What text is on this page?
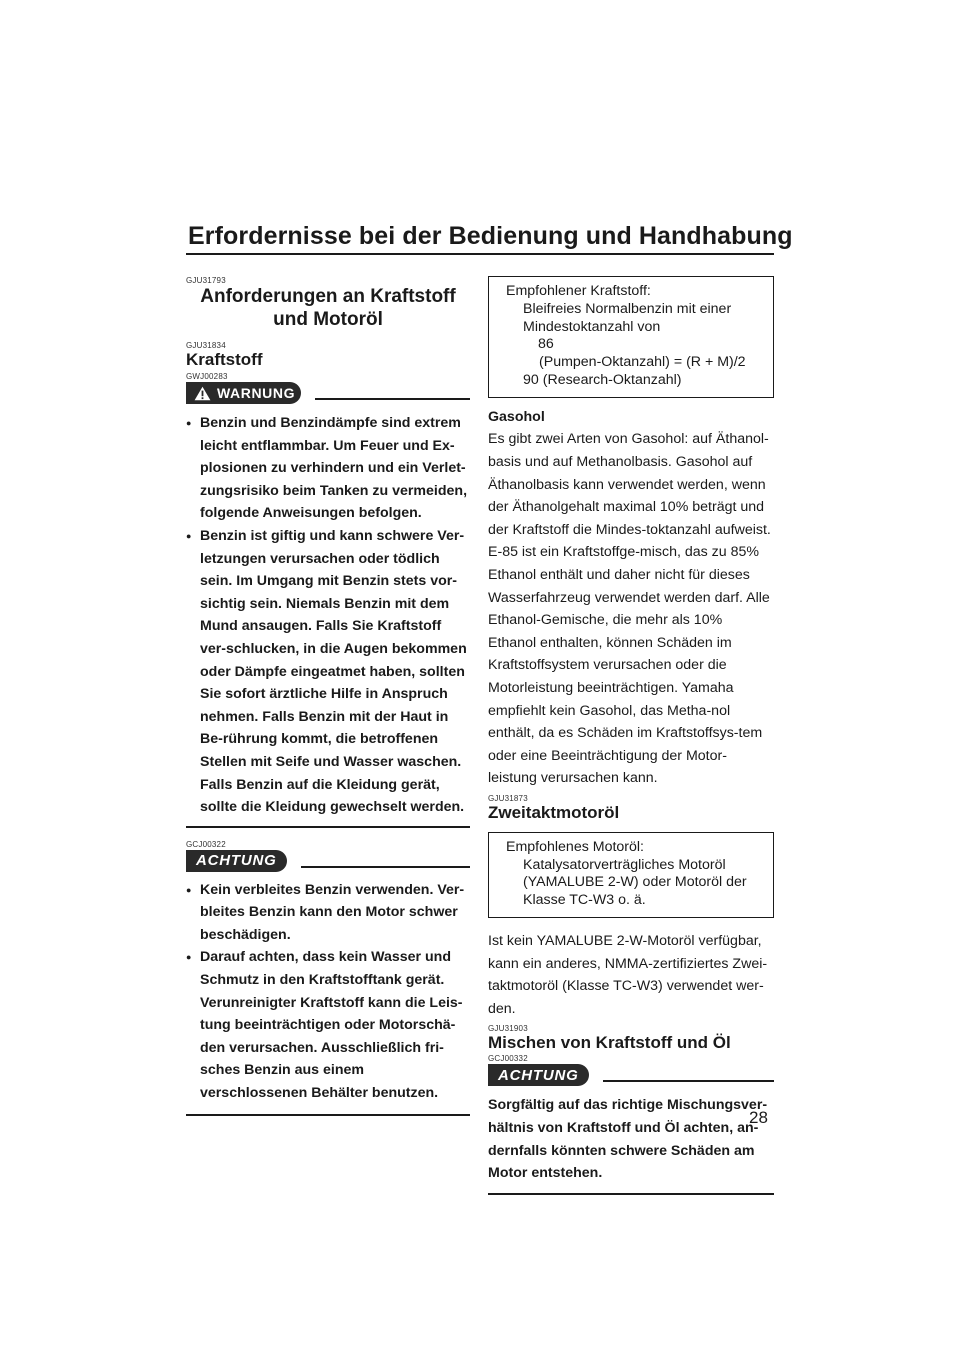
Erfordernisse bei der Bedienung und Handhabung
GJU31793

Anforderungen an Kraftstoff

und Motoröl

GJU31834

Kraftstoff

GWJ00283
WARNUNG
● Benzin und Benzindämpfe sind extrem leicht entflammbar. Um Feuer und Ex-plosionen zu verhindern und ein Verlet-zungsrisiko beim Tanken zu vermeiden, folgende Anweisungen befolgen.
● Benzin ist giftig und kann schwere Ver-letzungen verursachen oder tödlich sein. Im Umgang mit Benzin stets vor-sichtig sein. Niemals Benzin mit dem Mund ansaugen. Falls Sie Kraftstoff ver-schlucken, in die Augen bekommen oder Dämpfe eingeatmet haben, sollten Sie sofort ärztliche Hilfe in Anspruch nehmen. Falls Benzin mit der Haut in Be-rührung kommt, die betroffenen Stellen mit Seife und Wasser waschen. Falls Benzin auf die Kleidung gerät, sollte die Kleidung gewechselt werden.
GCJ00322
ACHTUNG
● Kein verbleites Benzin verwenden. Ver-bleites Benzin kann den Motor schwer beschädigen.
● Darauf achten, dass kein Wasser und Schmutz in den Kraftstofftank gerät. Verunreinigter Kraftstoff kann die Leis-tung beeinträchtigen oder Motorschä-den verursachen. Ausschließlich fri-sches Benzin aus einem verschlossenen Behälter benutzen.
Empfohlener Kraftstoff:
Bleifreies Normalbenzin mit einer
Mindestoktanzahl von
86
(Pumpen-Oktanzahl) = (R + M)/2
90 (Research-Oktanzahl)

Gasohol

Es gibt zwei Arten von Gasohol: auf Äthanol-basis und auf Methanolbasis. Gasohol auf Äthanolbasis kann verwendet werden, wenn der Äthanolgehalt maximal 10% beträgt und der Kraftstoff die Mindes-toktanzahl aufweist. E-85 ist ein Kraftstoffge-misch, das zu 85% Ethanol enthält und daher nicht für dieses Wasserfahrzeug verwendet werden darf. Alle Ethanol-Gemische, die mehr als 10% Ethanol enthalten, können Schäden im Kraftstoffsystem verursachen oder die Motorleistung beeinträchtigen. Yamaha empfiehlt kein Gasohol, das Metha-nol enthält, da es Schäden im Kraftstoffsys-tem oder eine Beeinträchtigung der Motor-leistung verursachen kann.

GJU31873

Zweitaktmotoröl

Empfohlenes Motoröl:
Katalysatorverträgliches Motoröl
(YAMALUBE 2-W) oder Motoröl der
Klasse TC-W3 o. ä.

Ist kein YAMALUBE 2-W-Motoröl verfügbar, kann ein anderes, NMMA-zertifiziertes Zwei-taktmotoröl (Klasse TC-W3) verwendet wer-den.

GJU31903

Mischen von Kraftstoff und Öl

GCJ00332
ACHTUNG

Sorgfältig auf das richtige Mischungsver-hältnis von Kraftstoff und Öl achten, an-dernfalls könnten schwere Schäden am Motor entstehen.

28
